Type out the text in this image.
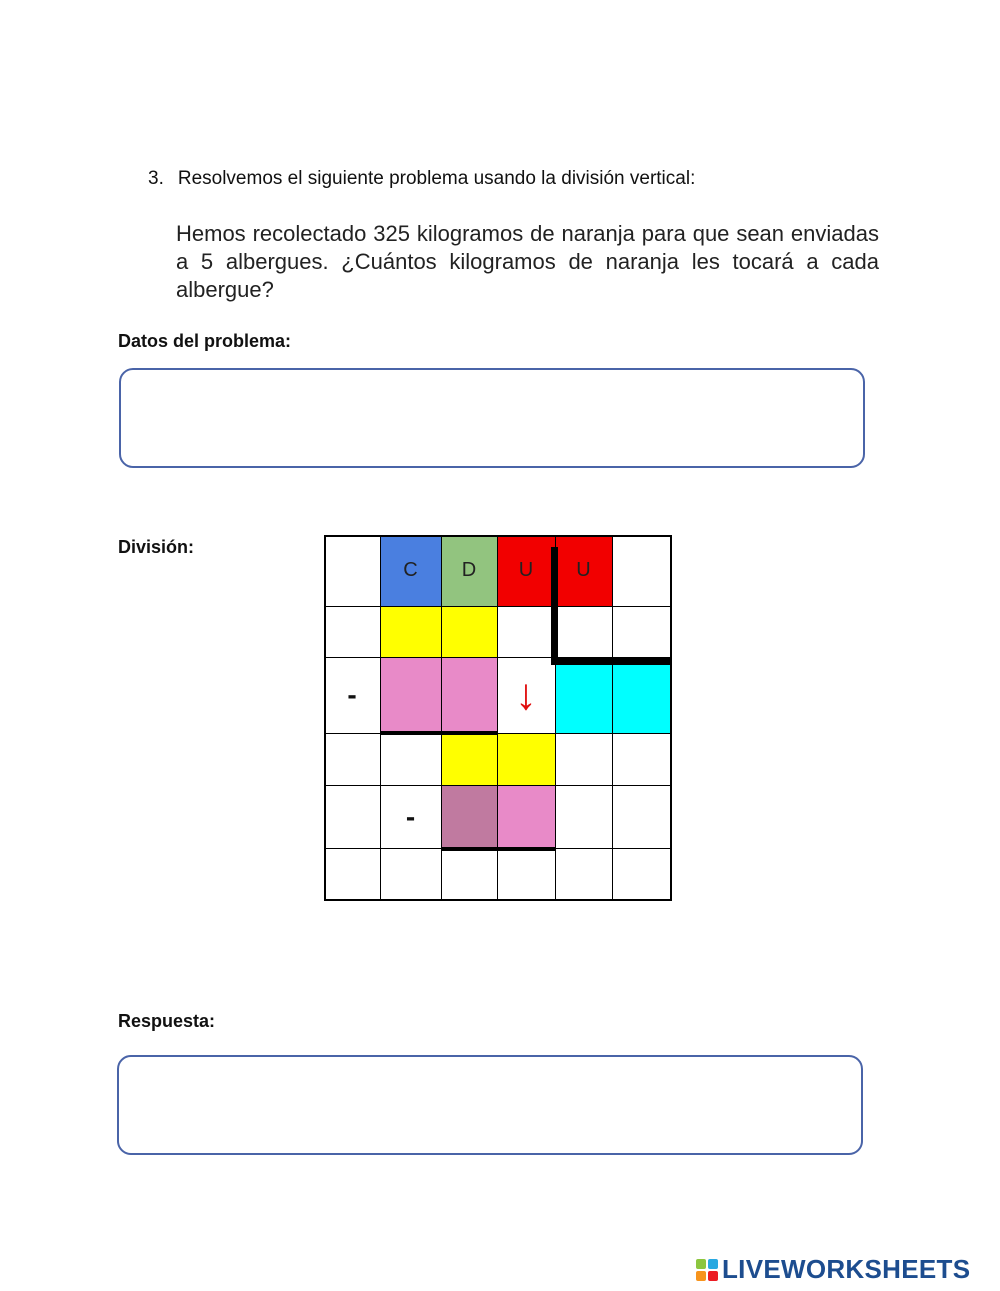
3. Resolvemos el siguiente problema usando la división vertical:
Hemos recolectado 325 kilogramos de naranja para que sean enviadas a 5 albergues. ¿Cuántos kilogramos de naranja les tocará a cada albergue?
Datos del problema:
División:
C D U U
-
-
↓
Respuesta:
LIVEWORKSHEETS
